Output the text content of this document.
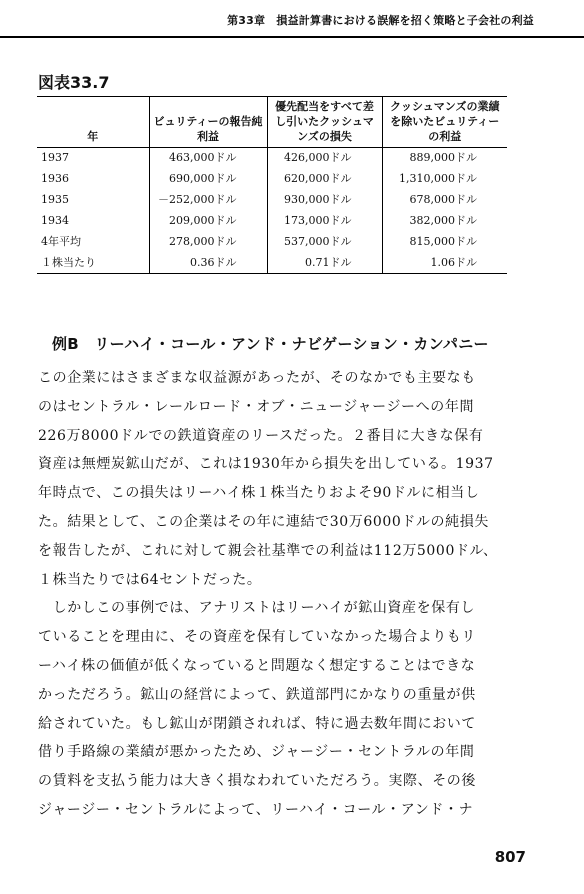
第33章　損益計算書における誤解を招く策略と子会社の利益
図表33.7
年	ビュリティーの報告純利益	優先配当をすべて差し引いたクッシュマンズの損失	クッシュマンズの業績を除いたビュリティーの利益
1937	463,000ドル	426,000ドル	889,000ドル
1936	690,000ドル	620,000ドル	1,310,000ドル
1935	－252,000ドル	930,000ドル	678,000ドル
1934	209,000ドル	173,000ドル	382,000ドル
4年平均	278,000ドル	537,000ドル	815,000ドル
１株当たり	0.36ドル	0.71ドル	1.06ドル
例B　リーハイ・コール・アンド・ナビゲーション・カンパニー
この企業にはさまざまな収益源があったが、そのなかでも主要なも
のはセントラル・レールロード・オブ・ニュージャージーへの年間
226万8000ドルでの鉄道資産のリースだった。２番目に大きな保有
資産は無煙炭鉱山だが、これは1930年から損失を出している。1937
年時点で、この損失はリーハイ株１株当たりおよそ90ドルに相当し
た。結果として、この企業はその年に連結で30万6000ドルの純損失
を報告したが、これに対して親会社基準での利益は112万5000ドル、
１株当たりでは64セントだった。
　しかしこの事例では、アナリストはリーハイが鉱山資産を保有し
ていることを理由に、その資産を保有していなかった場合よりもリ
ーハイ株の価値が低くなっていると問題なく想定することはできな
かっただろう。鉱山の経営によって、鉄道部門にかなりの重量が供
給されていた。もし鉱山が閉鎖されれば、特に過去数年間において
借り手路線の業績が悪かったため、ジャージー・セントラルの年間
の賃料を支払う能力は大きく損なわれていただろう。実際、その後
ジャージー・セントラルによって、リーハイ・コール・アンド・ナ
807
